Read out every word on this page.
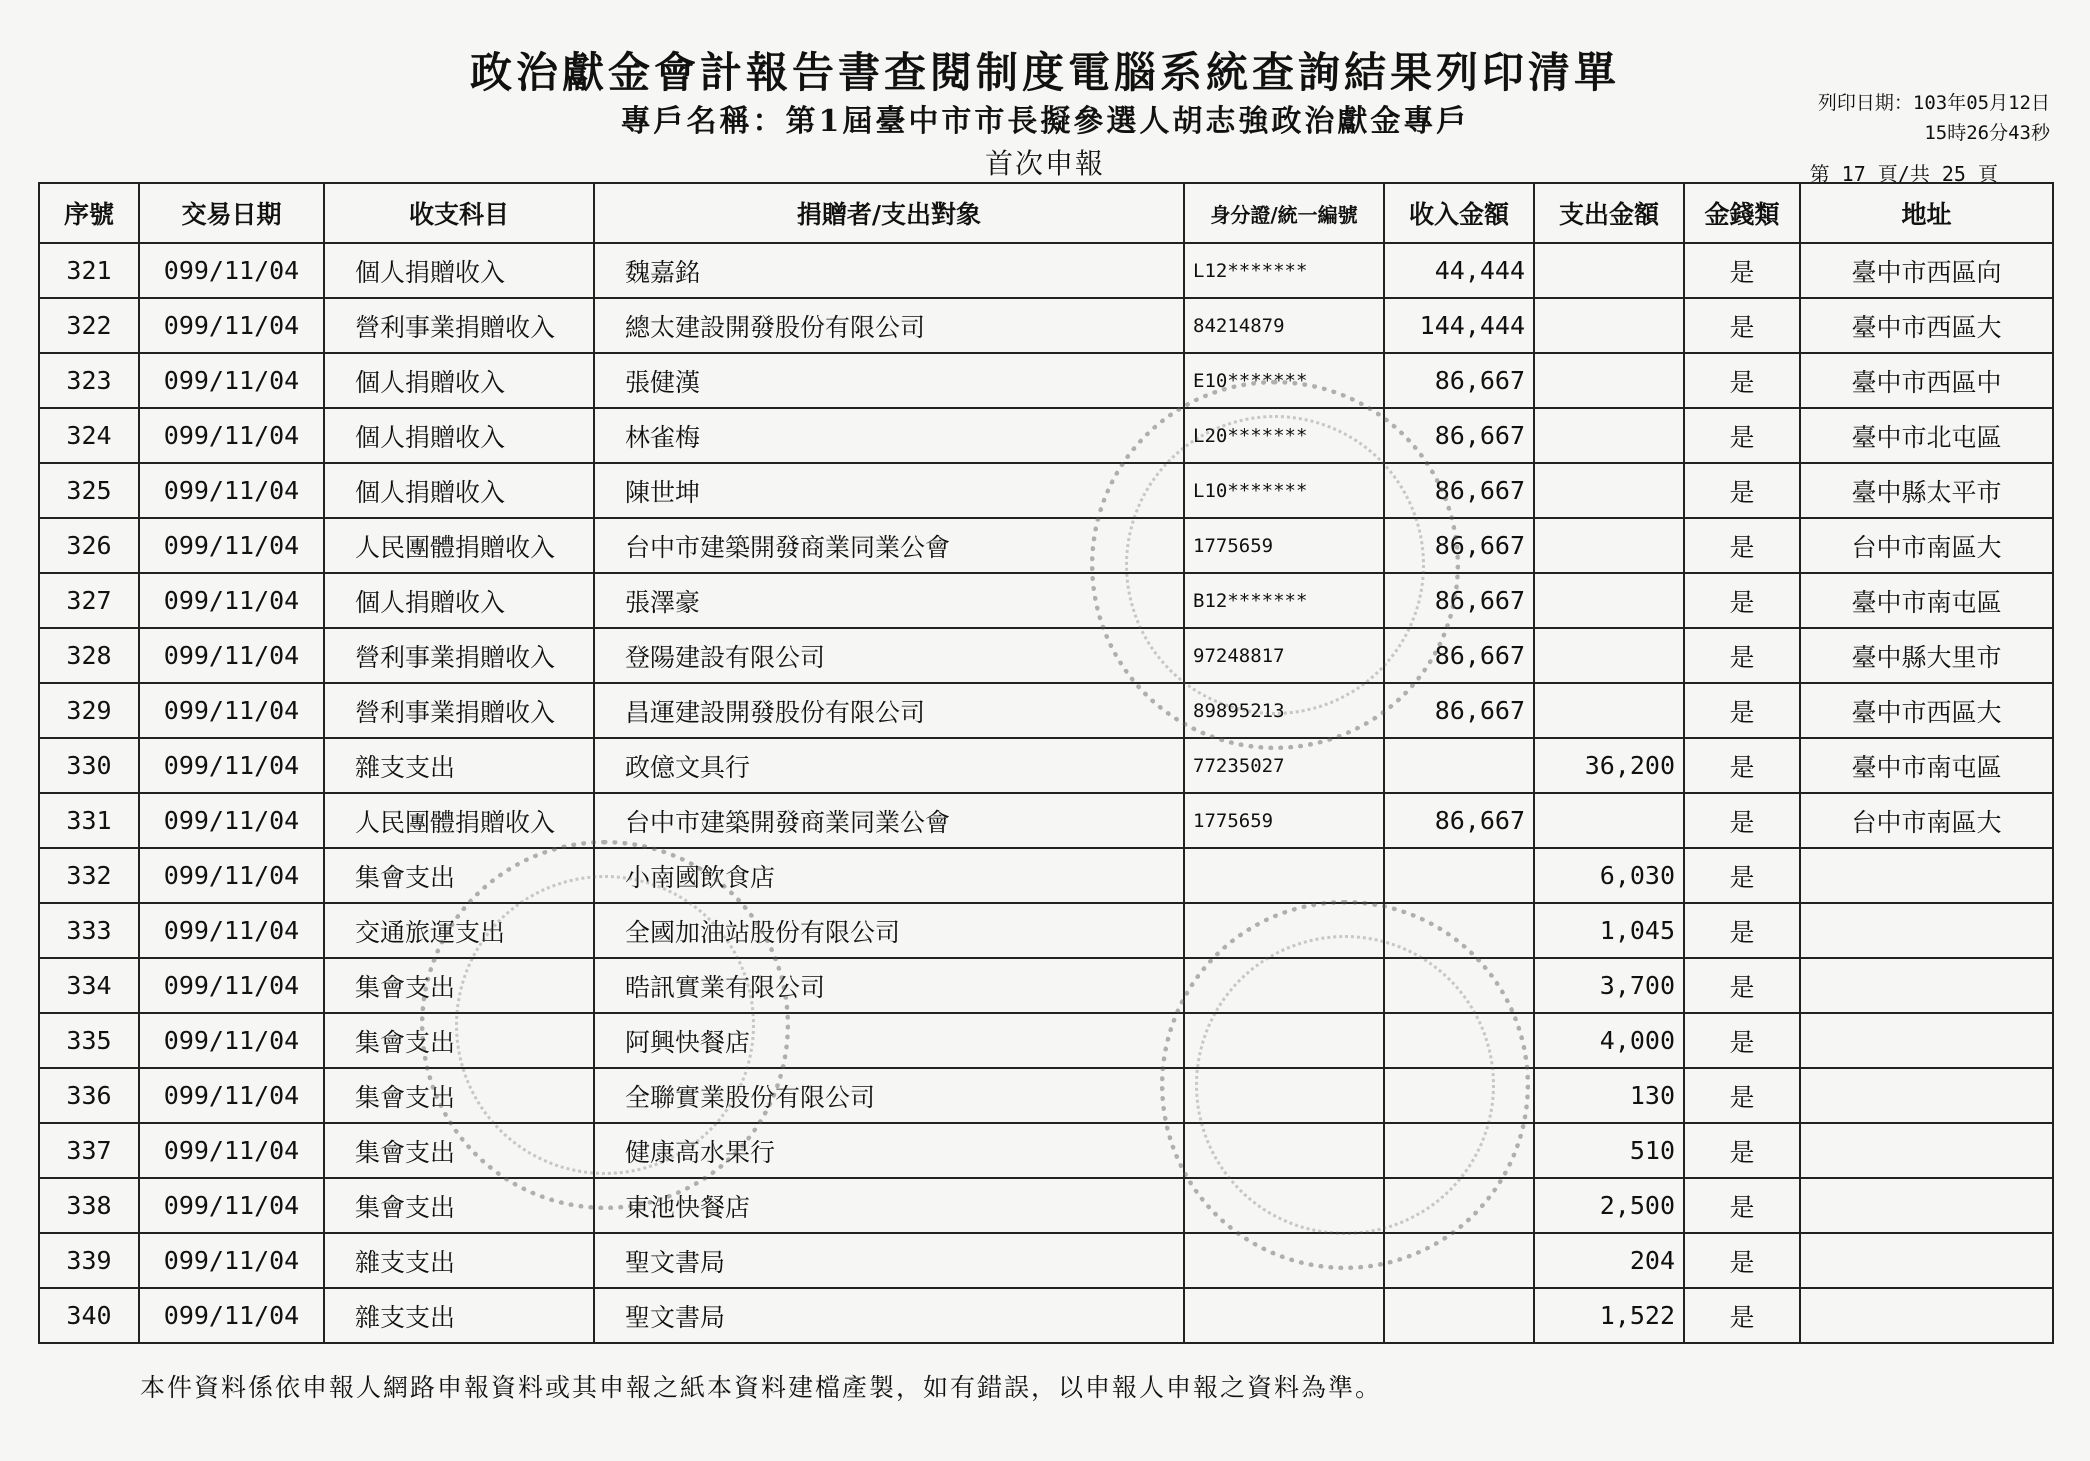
政治獻金會計報告書查閱制度電腦系統查詢結果列印清單
專戶名稱：第1屆臺中市市長擬參選人胡志強政治獻金專戶
首次申報
列印日期：103年05月12日
15時26分43秒
第 17 頁/共 25 頁
序號	交易日期	收支科目	捐贈者/支出對象	身分證/統一編號	收入金額	支出金額	金錢類	地址
321	099/11/04	個人捐贈收入	魏嘉銘	L12*******	44,444		是	臺中市西區向
322	099/11/04	營利事業捐贈收入	總太建設開發股份有限公司	84214879	144,444		是	臺中市西區大
323	099/11/04	個人捐贈收入	張健漢	E10*******	86,667		是	臺中市西區中
324	099/11/04	個人捐贈收入	林雀梅	L20*******	86,667		是	臺中市北屯區
325	099/11/04	個人捐贈收入	陳世坤	L10*******	86,667		是	臺中縣太平市
326	099/11/04	人民團體捐贈收入	台中市建築開發商業同業公會	1775659	86,667		是	台中市南區大
327	099/11/04	個人捐贈收入	張澤豪	B12*******	86,667		是	臺中市南屯區
328	099/11/04	營利事業捐贈收入	登陽建設有限公司	97248817	86,667		是	臺中縣大里市
329	099/11/04	營利事業捐贈收入	昌運建設開發股份有限公司	89895213	86,667		是	臺中市西區大
330	099/11/04	雜支支出	政億文具行	77235027		36,200	是	臺中市南屯區
331	099/11/04	人民團體捐贈收入	台中市建築開發商業同業公會	1775659	86,667		是	台中市南區大
332	099/11/04	集會支出	小南國飲食店			6,030	是	
333	099/11/04	交通旅運支出	全國加油站股份有限公司			1,045	是	
334	099/11/04	集會支出	晧訊實業有限公司			3,700	是	
335	099/11/04	集會支出	阿興快餐店			4,000	是	
336	099/11/04	集會支出	全聯實業股份有限公司			130	是	
337	099/11/04	集會支出	健康高水果行			510	是	
338	099/11/04	集會支出	東池快餐店			2,500	是	
339	099/11/04	雜支支出	聖文書局			204	是	
340	099/11/04	雜支支出	聖文書局			1,522	是	
本件資料係依申報人網路申報資料或其申報之紙本資料建檔產製，如有錯誤，以申報人申報之資料為準。
